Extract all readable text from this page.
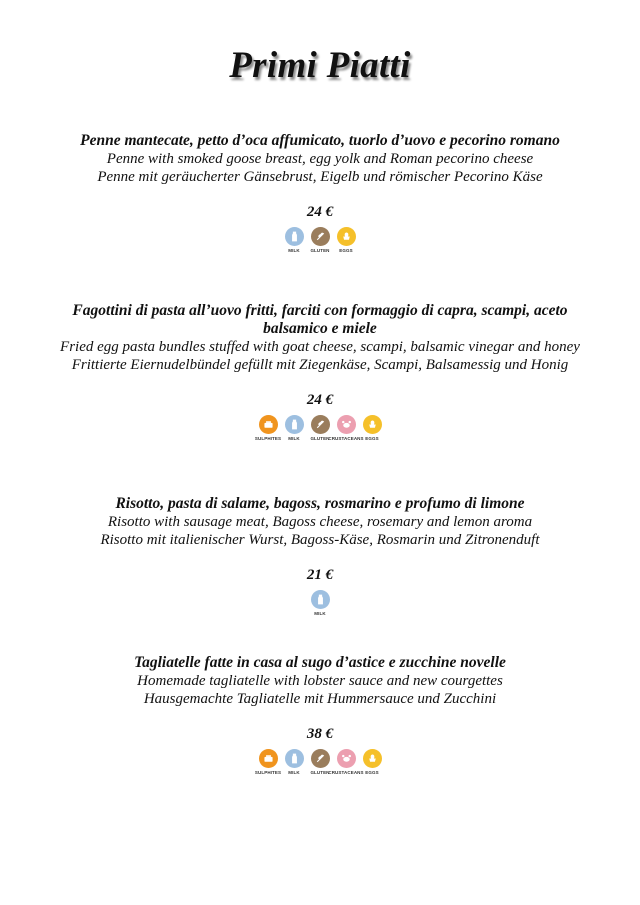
Primi Piatti
Penne mantecate, petto d’oca affumicato, tuorlo d’uovo e pecorino romano
Penne with smoked goose breast, egg yolk and Roman pecorino cheese
Penne mit geräucherter Gänsebrust, Eigelb und römischer Pecorino Käse
24 €
MILK GLUTEN EGGS
Fagottini di pasta all’uovo fritti, farciti con formaggio di capra, scampi, aceto balsamico e miele
Fried egg pasta bundles stuffed with goat cheese, scampi, balsamic vinegar and honey
Frittierte Eiernudelbündel gefüllt mit Ziegenkäse, Scampi, Balsamessig und Honig
24 €
SULPHITES MILK GLUTEN
CRUSTACEANS EGGS
Risotto, pasta di salame, bagoss, rosmarino e profumo di limone
Risotto with sausage meat, Bagoss cheese, rosemary and lemon aroma
Risotto mit italienischer Wurst, Bagoss-Käse, Rosmarin und Zitronenduft
21 €
MILK
Tagliatelle fatte in casa al sugo d’astice e zucchine novelle
Homemade tagliatelle with lobster sauce and new courgettes
Hausgemachte Tagliatelle mit Hummersauce und Zucchini
38 €
SULPHITES MILK GLUTEN
CRUSTACEANS EGGS
